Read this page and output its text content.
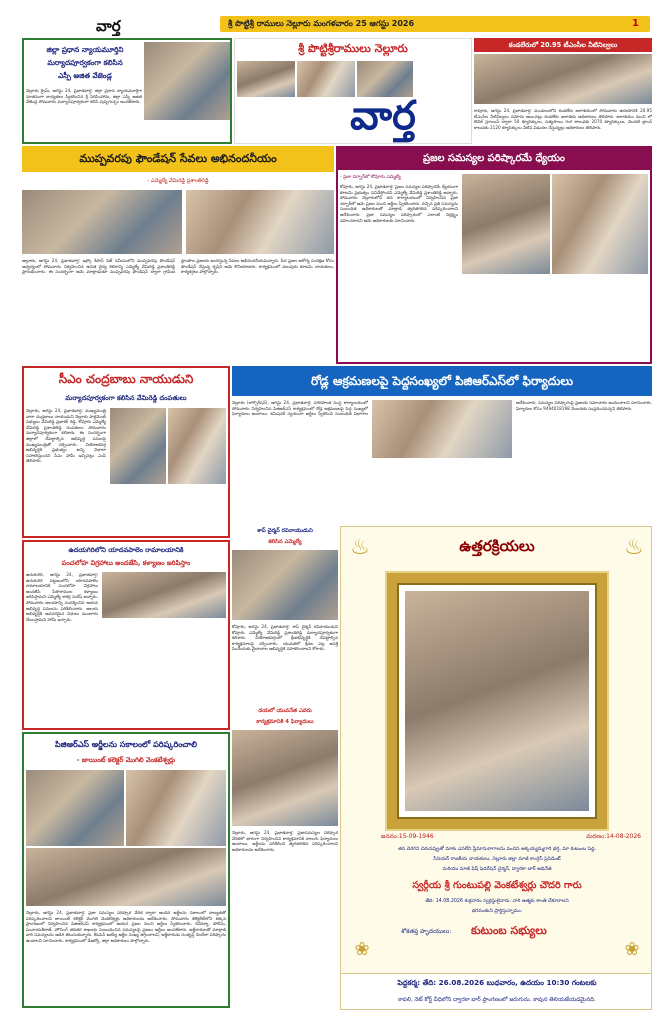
వార్త	శ్రీ పొట్టిశ్రీ రాములు నెల్లూరు మంగళవారం 25 ఆగస్టు 2026	1
జిల్లా ప్రధాన న్యాయమూర్తిని
మర్యాదపూర్వకంగా కలిసిన
ఎస్పీ అజిత వేజెండ్ల
నెల్లూరు క్రైమ్, ఆగస్టు 24, ప్రభాతవార్త: జిల్లా ప్రధాన న్యాయమూర్తిగా నూతనంగా బాధ్యతలు స్వీకరించిన శ్రీ సిరిసింహాను, జిల్లా ఎస్పీ అజిత వేజెండ్ల సోమవారం మర్యాదపూర్వకంగా కలిసి పుష్పగుచ్ఛం అందజేశారు.
శ్రీ పొట్టిశ్రీరాములు నెల్లూరు
వార్త
కండలేరులో 20.95 టీఎంసీల నీటినిల్వలు
రాపూరు, ఆగస్టు 24, ప్రభాతవార్త: మండలంలోని కండలేరు జలాశయంలో సోమవారం ఉదయానికి 20.95 టీఎంసీల నీటినిల్వలు నమోదు అయినట్లు కండలేరు జలాశయ అధికారులు తెలిపారు. జలాశయం నుంచి లో లెవెల్ స్లూయిస్ ద్వారా 50 క్యూసెక్కులు, సత్యసాయి గంగ కాలువకు 2070 క్యూసెక్కులు, మొదటి బ్రాంచ్ కాలువకు 2120 క్యూసెక్కులు నీటిని విడుదల చేస్తున్నట్లు అధికారులు తెలిపారు.
ముప్పవరపు ఫౌండేషన్ సేవలు అభినందనీయం
- ఎమ్మెల్యే వేమిరెడ్డి ప్రశాంతిరెడ్డి
అల్లూరు, ఆగస్టు 24, ప్రభాతవార్త: ఇఫ్కో కిసాన్ సెజ్ సమీపంలోని ముప్పవరపు ఫౌండేషన్ ఆధ్వర్యంలో సోమవారం నిర్వహించిన ఉచిత వైద్య శిబిరాన్ని ఎమ్మెల్యే వేమిరెడ్డి ప్రశాంతిరెడ్డి ప్రారంభించారు. ఈ సందర్భంగా ఆమె మాట్లాడుతూ ముప్పవరపు ఫౌండేషన్ ద్వారా గ్రామీణ ప్రాంతాల ప్రజలకు అందిస్తున్న సేవలు అభినందనీయమన్నారు. పేద ప్రజల ఆరోగ్య సంరక్షణ కోసం ఫౌండేషన్ చేస్తున్న కృషిని ఆమె కొనియాడారు. కార్యక్రమంలో పలువురు కూటమి నాయకులు, కార్యకర్తలు పాల్గొన్నారు.
ప్రజల సమస్యల పరిష్కారమే ధ్యేయం
- ప్రజా దర్బార్‌లో కోవూరు ఎమ్మెల్యే
కోవూరు, ఆగస్టు 24, ప్రభాతవార్త: ప్రజల సమస్యల పరిష్కారమే ధ్యేయంగా కూటమి ప్రభుత్వం పనిచేస్తోందని ఎమ్మెల్యే వేమిరెడ్డి ప్రశాంతిరెడ్డి అన్నారు. సోమవారం నెల్లూరులోని తన కార్యాలయంలో నిర్వహించిన ప్రజా దర్బార్‌లో ఆమె ప్రజల నుంచి అర్జీలు స్వీకరించారు. వచ్చిన ప్రతి సమస్యను సంబంధిత అధికారులతో మాట్లాడి త్వరితగతిన పరిష్కరించాలని ఆదేశించారు. ప్రజా సమస్యల పరిష్కారంలో ఎలాంటి నిర్లక్ష్యం వహించరాదని ఆమె అధికారులకు సూచించారు.
సీఎం చంద్రబాబు నాయుడుని
మర్యాదపూర్వకంగా కలిసిన వేమిరెడ్డి దంపతులు
నెల్లూరు, ఆగస్టు 24, ప్రభాతవార్త: ముఖ్యమంత్రి నారా చంద్రబాబు నాయుడుని నెల్లూరు పార్లమెంట్ సభ్యులు వేమిరెడ్డి ప్రభాకర్ రెడ్డి, కోవూరు ఎమ్మెల్యే వేమిరెడ్డి ప్రశాంతిరెడ్డి దంపతులు సోమవారం మర్యాదపూర్వకంగా కలిశారు. ఈ సందర్భంగా జిల్లాలో చేపట్టాల్సిన అభివృద్ధి పనులపై ముఖ్యమంత్రితో చర్చించారు. నియోజకవర్గ అభివృద్ధికి ప్రభుత్వం అన్ని విధాలా సహకరిస్తుందని సీఎం హామీ ఇచ్చినట్లు ఎంపీ తెలిపారు.
ఉదయగిరిలోని యాదవపాలెం రామాలయానికి
పంచలోహ విగ్రహాలు అందజేసి, కళ్యాణం జరిపిస్తాం
ఉదయగిరి, ఆగస్టు 24, ప్రభాతవార్త: ఉదయగిరి పట్టణంలోని యాదవపాలెం రామాలయానికి పంచలోహ విగ్రహాలు అందజేసి సీతారాముల కళ్యాణం జరిపిస్తామని ఎమ్మెల్యే కాకర్ల సురేష్ అన్నారు. సోమవారం ఆలయాన్ని సందర్శించిన ఆయన అభివృద్ధి పనులను పరిశీలించారు. ఆలయ అభివృద్ధికి అవసరమైన నిధులు మంజూరు చేయిస్తామని హామీ ఇచ్చారు.
పిజిఆర్ఎస్ అర్జీలను సకాలంలో పరిష్కరించాలి
- జాయింట్ కలెక్టర్ మొగిలి వెంకటేశ్వర్లు
నెల్లూరు, ఆగస్టు 24, ప్రభాతవార్త: ప్రజా సమస్యల పరిష్కార వేదిక ద్వారా అందిన అర్జీలను సకాలంలో నాణ్యతతో పరిష్కరించాలని జాయింట్ కలెక్టర్ మొగిలి వెంకటేశ్వర్లు అధికారులను ఆదేశించారు. సోమవారం కలెక్టరేట్‌లోని తిక్కన ప్రాంగణంలో నిర్వహించిన పిజిఆర్ఎస్ కార్యక్రమంలో ఆయన ప్రజల నుంచి అర్జీలు స్వీకరించారు. రెవెన్యూ, పోలీసు, పంచాయతీరాజ్, హౌసింగ్ తదితర శాఖలకు సంబంధించిన సమస్యలపై ప్రజలు అర్జీలు అందజేశారు. అర్జీదారులతో మాట్లాడి వారి సమస్యలను అడిగి తెలుసుకున్నారు. రీఓపెన్ అయ్యే అర్జీల సంఖ్య తగ్గించాలని, అర్జీదారుడు సంతృప్తి చెందేలా పరిష్కారం ఉండాలని సూచించారు. కార్యక్రమంలో డీఆర్వో, జిల్లా అధికారులు పాల్గొన్నారు.
రోడ్ల ఆక్రమణలపై పెద్దసంఖ్యలో పిజిఆర్ఎస్‌లో ఫిర్యాదులు
నెల్లూరు (కార్పొరేషన్), ఆగస్టు 24, ప్రభాతవార్త: నగరపాలక సంస్థ కార్యాలయంలో సోమవారం నిర్వహించిన పిజిఆర్ఎస్ కార్యక్రమంలో రోడ్ల ఆక్రమణలపై పెద్ద సంఖ్యలో ఫిర్యాదులు అందాయి. కమిషనర్ స్వయంగా అర్జీలు స్వీకరించి సంబంధిత విభాగాల ఆదేశించారు. సమస్యల పరిష్కారంపై ప్రజలకు సమాచారం అందించాలని సూచించారు. ఫిర్యాదుల కోసం 9494018198 నెంబరుకు సంప్రదించవచ్చని తెలిపారు.
శాప్ చైర్మన్ రవినాయుడుని
కలిసిన ఎమ్మెల్యే
కోవూరు, ఆగస్టు 24, ప్రభాతవార్త: శాప్ చైర్మన్ రవినాయుడుని కోవూరు ఎమ్మెల్యే వేమిరెడ్డి ప్రశాంతిరెడ్డి మర్యాదపూర్వకంగా కలిశారు. నియోజకవర్గంలో క్రీడాభివృద్ధికి చేపట్టాల్సిన కార్యక్రమాలపై చర్చించారు. యువతలో క్రీడల పట్ల ఆసక్తి పెంచేందుకు మైదానాల అభివృద్ధికి సహకరించాలని కోరారు.
దయలో యువనేత ఎవరు
కార్యక్రమానికి 4 ఫిర్యాదులు
నెల్లూరు, ఆగస్టు 24, ప్రభాతవార్త: ప్రజాసమస్యల పరిష్కార వేదికలో భాగంగా నిర్వహించిన కార్యక్రమానికి నాలుగు ఫిర్యాదులు అందాయి. అర్జీలను పరిశీలించి త్వరితగతిన పరిష్కరించాలని అధికారులను ఆదేశించారు.
♨	♨
ఉత్తరక్రియలు
జననం:15-09-1946	మరణం:14-08-2026
తన చెరగని చిరునవ్వుతో మాకు ఎనలేని ప్రేమానురాగాలను పంచిన అక్కయ్యమ్మగారి భర్త, మా కుటుంబ పెద్ద,
సీనియర్ రాజకీయ నాయకులు, నెల్లూరు జిల్లా మాజీ కాంగ్రెస్ ప్రెసిడెంట్
మరియు మాజీ ఫిష్ ఫెడరేషన్ చైర్మన్, ద్వారకా బార్ అధినేత
స్వర్గీయ శ్రీ గుంటుపల్లి వెంకటేశ్వర్లు చౌదరి గారు
తేది: 14.08.2026 శుక్రవారం స్వర్గస్థులైనారు. వారి ఆత్మకు శాంతి చేకూరాలని
భగవంతుని ప్రార్థిస్తున్నాము.
శోకతప్త హృదయులు:	కుటుంబ సభ్యులు
❀	❀
పెద్దకర్మ: తేది: 26.08.2026 బుధవారం, ఉదయం 10:30 గంటలకు
కావలి, నెట్ కోర్ట్ వీధిలోని ద్వారకా బార్ ప్రాంగణంలో జరుగును. కావున తెలియజేయడమైనది.
